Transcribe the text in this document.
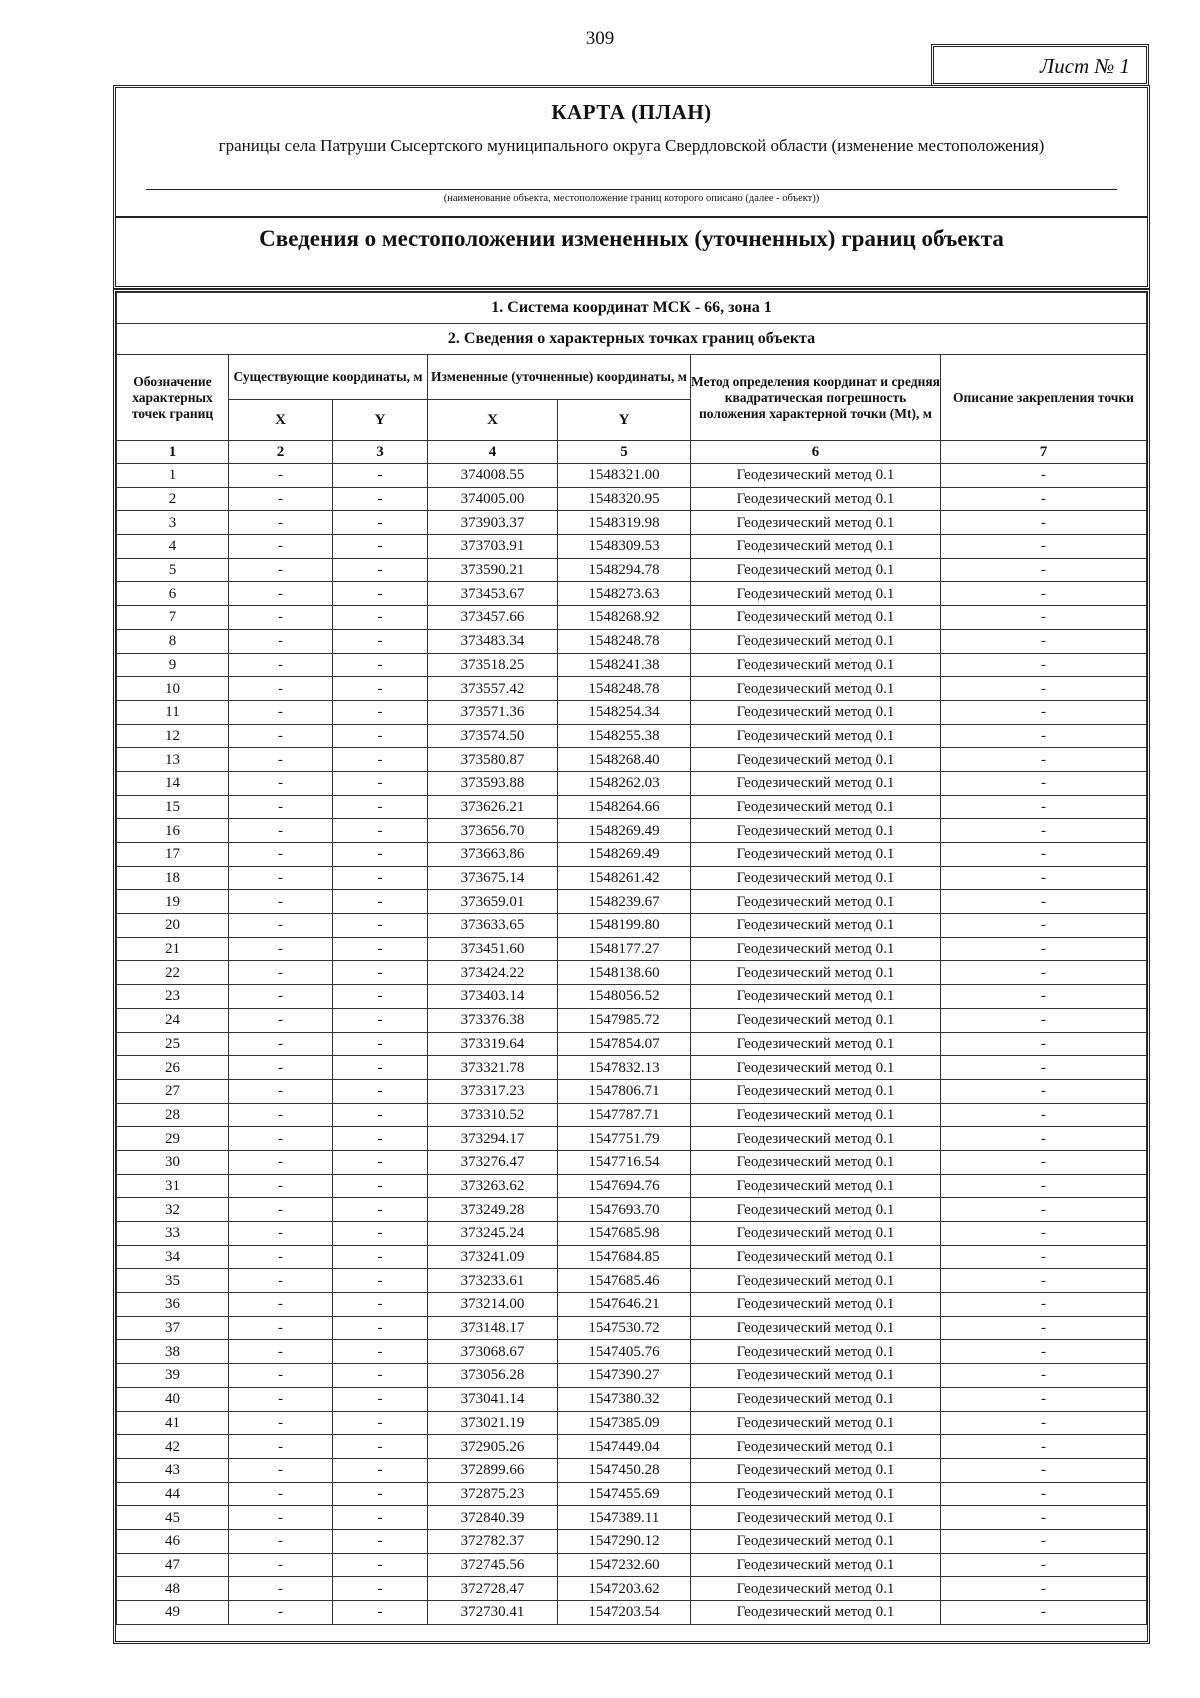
309
Лист № 1
КАРТА (ПЛАН)
границы села Патруши Сысертского муниципального округа Свердловской области (изменение местоположения)
(наименование объекта, местоположение границ которого описано (далее - объект))
Сведения о местоположении измененных (уточненных) границ объекта
1. Система координат МСК - 66, зона 1						
2. Сведения о характерных точках границ объекта						
Обозначение характерных точек границ	Существующие координаты, м		Измененные (уточненные) координаты, м		Метод определения координат и средняя квадратическая погрешность положения характерной точки (Mt), м	Описание закрепления точки
	X	Y	X	Y		
1	2	3	4	5	6	7
1	-	-	374008.55	1548321.00	Геодезический метод 0.1	-
2	-	-	374005.00	1548320.95	Геодезический метод 0.1	-
3	-	-	373903.37	1548319.98	Геодезический метод 0.1	-
4	-	-	373703.91	1548309.53	Геодезический метод 0.1	-
5	-	-	373590.21	1548294.78	Геодезический метод 0.1	-
6	-	-	373453.67	1548273.63	Геодезический метод 0.1	-
7	-	-	373457.66	1548268.92	Геодезический метод 0.1	-
8	-	-	373483.34	1548248.78	Геодезический метод 0.1	-
9	-	-	373518.25	1548241.38	Геодезический метод 0.1	-
10	-	-	373557.42	1548248.78	Геодезический метод 0.1	-
11	-	-	373571.36	1548254.34	Геодезический метод 0.1	-
12	-	-	373574.50	1548255.38	Геодезический метод 0.1	-
13	-	-	373580.87	1548268.40	Геодезический метод 0.1	-
14	-	-	373593.88	1548262.03	Геодезический метод 0.1	-
15	-	-	373626.21	1548264.66	Геодезический метод 0.1	-
16	-	-	373656.70	1548269.49	Геодезический метод 0.1	-
17	-	-	373663.86	1548269.49	Геодезический метод 0.1	-
18	-	-	373675.14	1548261.42	Геодезический метод 0.1	-
19	-	-	373659.01	1548239.67	Геодезический метод 0.1	-
20	-	-	373633.65	1548199.80	Геодезический метод 0.1	-
21	-	-	373451.60	1548177.27	Геодезический метод 0.1	-
22	-	-	373424.22	1548138.60	Геодезический метод 0.1	-
23	-	-	373403.14	1548056.52	Геодезический метод 0.1	-
24	-	-	373376.38	1547985.72	Геодезический метод 0.1	-
25	-	-	373319.64	1547854.07	Геодезический метод 0.1	-
26	-	-	373321.78	1547832.13	Геодезический метод 0.1	-
27	-	-	373317.23	1547806.71	Геодезический метод 0.1	-
28	-	-	373310.52	1547787.71	Геодезический метод 0.1	-
29	-	-	373294.17	1547751.79	Геодезический метод 0.1	-
30	-	-	373276.47	1547716.54	Геодезический метод 0.1	-
31	-	-	373263.62	1547694.76	Геодезический метод 0.1	-
32	-	-	373249.28	1547693.70	Геодезический метод 0.1	-
33	-	-	373245.24	1547685.98	Геодезический метод 0.1	-
34	-	-	373241.09	1547684.85	Геодезический метод 0.1	-
35	-	-	373233.61	1547685.46	Геодезический метод 0.1	-
36	-	-	373214.00	1547646.21	Геодезический метод 0.1	-
37	-	-	373148.17	1547530.72	Геодезический метод 0.1	-
38	-	-	373068.67	1547405.76	Геодезический метод 0.1	-
39	-	-	373056.28	1547390.27	Геодезический метод 0.1	-
40	-	-	373041.14	1547380.32	Геодезический метод 0.1	-
41	-	-	373021.19	1547385.09	Геодезический метод 0.1	-
42	-	-	372905.26	1547449.04	Геодезический метод 0.1	-
43	-	-	372899.66	1547450.28	Геодезический метод 0.1	-
44	-	-	372875.23	1547455.69	Геодезический метод 0.1	-
45	-	-	372840.39	1547389.11	Геодезический метод 0.1	-
46	-	-	372782.37	1547290.12	Геодезический метод 0.1	-
47	-	-	372745.56	1547232.60	Геодезический метод 0.1	-
48	-	-	372728.47	1547203.62	Геодезический метод 0.1	-
49	-	-	372730.41	1547203.54	Геодезический метод 0.1	-
